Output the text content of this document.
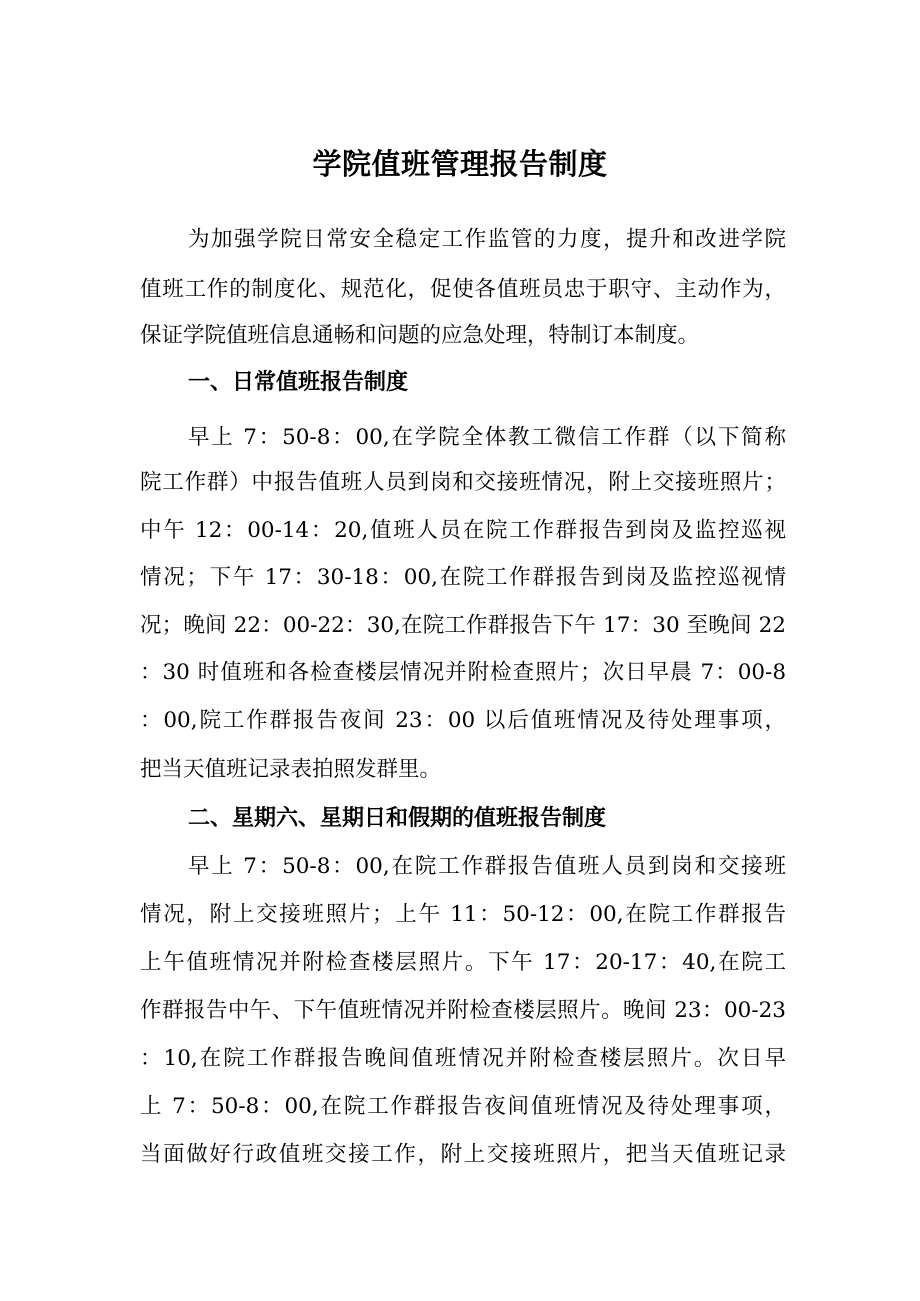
学院值班管理报告制度
为加强学院日常安全稳定工作监管的力度，提升和改进学院
值班工作的制度化、规范化，促使各值班员忠于职守、主动作为，
保证学院值班信息通畅和问题的应急处理，特制订本制度。
一、日常值班报告制度
早上 7：50-8：00,在学院全体教工微信工作群（以下简称
院工作群）中报告值班人员到岗和交接班情况，附上交接班照片；
中午 12：00-14：20,值班人员在院工作群报告到岗及监控巡视
情况；下午 17：30-18：00,在院工作群报告到岗及监控巡视情
况；晚间 22：00-22：30,在院工作群报告下午 17：30 至晚间 22
：30 时值班和各检查楼层情况并附检查照片；次日早晨 7：00-8
：00,院工作群报告夜间 23：00 以后值班情况及待处理事项，
把当天值班记录表拍照发群里。
二、星期六、星期日和假期的值班报告制度
早上 7：50-8：00,在院工作群报告值班人员到岗和交接班
情况，附上交接班照片；上午 11：50-12：00,在院工作群报告
上午值班情况并附检查楼层照片。下午 17：20-17：40,在院工
作群报告中午、下午值班情况并附检查楼层照片。晚间 23：00-23
：10,在院工作群报告晚间值班情况并附检查楼层照片。次日早
上 7：50-8：00,在院工作群报告夜间值班情况及待处理事项，
当面做好行政值班交接工作，附上交接班照片，把当天值班记录
